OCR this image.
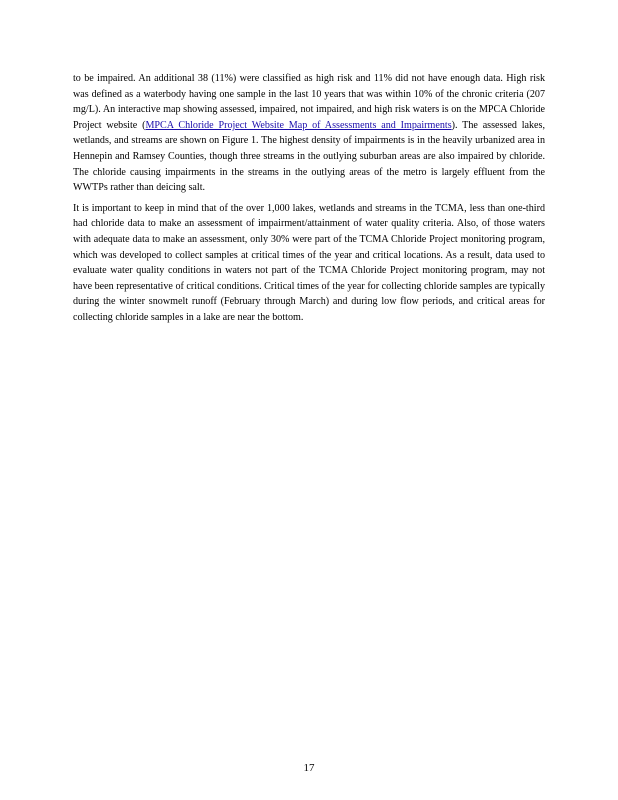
to be impaired. An additional 38 (11%) were classified as high risk and 11% did not have enough data. High risk was defined as a waterbody having one sample in the last 10 years that was within 10% of the chronic criteria (207 mg/L). An interactive map showing assessed, impaired, not impaired, and high risk waters is on the MPCA Chloride Project website (MPCA Chloride Project Website Map of Assessments and Impairments). The assessed lakes, wetlands, and streams are shown on Figure 1. The highest density of impairments is in the heavily urbanized area in Hennepin and Ramsey Counties, though three streams in the outlying suburban areas are also impaired by chloride. The chloride causing impairments in the streams in the outlying areas of the metro is largely effluent from the WWTPs rather than deicing salt.

It is important to keep in mind that of the over 1,000 lakes, wetlands and streams in the TCMA, less than one-third had chloride data to make an assessment of impairment/attainment of water quality criteria. Also, of those waters with adequate data to make an assessment, only 30% were part of the TCMA Chloride Project monitoring program, which was developed to collect samples at critical times of the year and critical locations. As a result, data used to evaluate water quality conditions in waters not part of the TCMA Chloride Project monitoring program, may not have been representative of critical conditions. Critical times of the year for collecting chloride samples are typically during the winter snowmelt runoff (February through March) and during low flow periods, and critical areas for collecting chloride samples in a lake are near the bottom.

17
